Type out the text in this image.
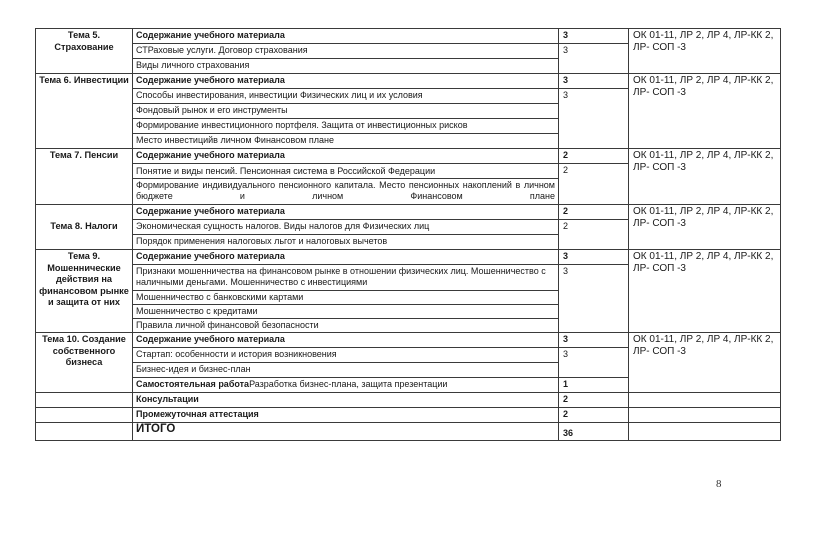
Тема 5. Страхование	Содержание учебного материала	3	ОК 01-11, ЛР 2, ЛР 4, ЛР-КК 2, ЛР- СОП -3
	СТРаховые услуги. Договор страхования	3	
	Виды личного страхования		
Тема 6. Инвестиции	Содержание учебного материала	3	ОК 01-11, ЛР 2, ЛР 4, ЛР-КК 2, ЛР- СОП -3
	Способы инвестирования, инвестиции Физических лиц и их условия	3	
	Фондовый рынок и его инструменты		
	Формирование инвестиционного портфеля. Защита от инвестиционных рисков		
	Место инвестицийв личном Финансовом плане		
Тема 7. Пенсии	Содержание учебного материала	2	ОК 01-11, ЛР 2, ЛР 4, ЛР-КК 2, ЛР- СОП -3
	Понятие и виды пенсий. Пенсионная система в Российской Федерации	2	
	Формирование индивидуального пенсионного капитала. Место пенсионных накоплений в личном бюджете и личном Финансовом плане		
Тема 8. Налоги	Содержание учебного материала	2	ОК 01-11, ЛР 2, ЛР 4, ЛР-КК 2, ЛР- СОП -3
	Экономическая сущность налогов. Виды налогов для Физических лиц	2	
	Порядок применения налоговых льгот и налоговых вычетов		
Тема 9. Мошеннические действия на финансовом рынке и защита от них	Содержание учебного материала	3	ОК 01-11, ЛР 2, ЛР 4, ЛР-КК 2, ЛР- СОП -3
	Признаки мошенничества на финансовом рынке в отношении физических лиц. Мошенничество с наличными деньгами. Мошенничество с инвестициями	3	
	Мошенничество с банковскими картами		
	Мошенничество с кредитами		
	Правила личной финансовой безопасности		
Тема 10. Создание собственного бизнеса	Содержание учебного материала	3	ОК 01-11, ЛР 2, ЛР 4, ЛР-КК 2, ЛР- СОП -3
	Стартап: особенности и история возникновения	3	
	Бизнес-идея и бизнес-план		
	Самостоятельная работаРазработка бизнес-плана, защита презентации	1	
	Консультации	2	
	Промежуточная аттестация	2	
	ИТОГО	36	
8
